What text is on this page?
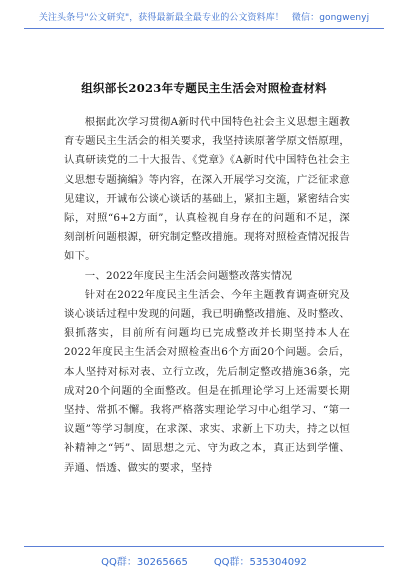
关注头条号"公文研究"，获得最新最全最专业的公文资料库！ 微信：gongwenyj
组织部长2023年专题民主生活会对照检查材料

根据此次学习贯彻A新时代中国特色社会主义思想主题教育专题民主生活会的相关要求，我坚持读原著学原文悟原理，认真研读党的二十大报告、《党章》《A新时代中国特色社会主义思想专题摘编》等内容，在深入开展学习交流，广泛征求意见建议，开诚布公谈心谈话的基础上，紧扣主题，紧密结合实际，对照“6+2方面”，认真检视自身存在的问题和不足，深刻剖析问题根源，研究制定整改措施。现将对照检查情况报告如下。

一、2022年度民主生活会问题整改落实情况

针对在2022年度民主生活会、今年主题教育调查研究及谈心谈话过程中发现的问题，我已明确整改措施、及时整改、狠抓落实，目前所有问题均已完成整改并长期坚持本人在2022年度民主生活会对照检查出6个方面20个问题。会后，本人坚持对标对表、立行立改，先后制定整改措施36条，完成对20个问题的全面整改。但是在抓理论学习上还需要长期坚持、常抓不懈。我将严格落实理论学习中心组学习、“第一议题”等学习制度，在求深、求实、求新上下功夫，持之以恒补精神之“钙”、固思想之元、守为政之本，真正达到学懂、弄通、悟透、做实的要求，坚持

QQ群：30265665	QQ群：535304092
